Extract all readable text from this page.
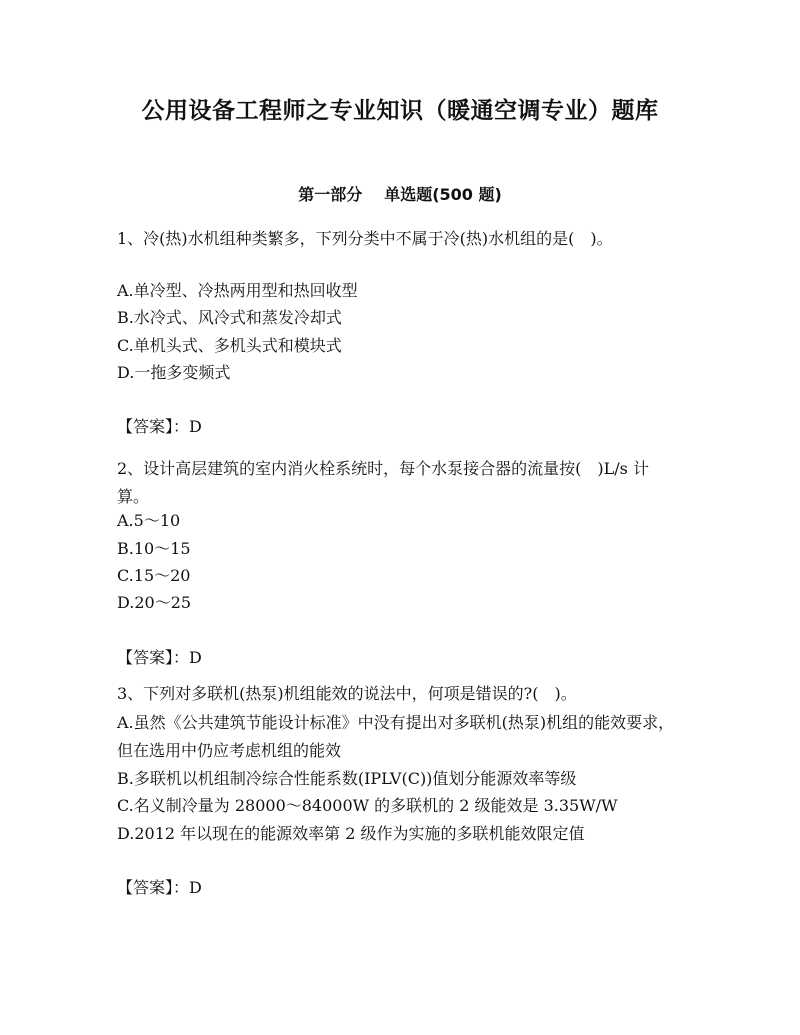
公用设备工程师之专业知识（暖通空调专业）题库
第一部分 单选题(500 题)
1、冷(热)水机组种类繁多，下列分类中不属于冷(热)水机组的是(　)。
A.单冷型、冷热两用型和热回收型
B.水冷式、风冷式和蒸发冷却式
C.单机头式、多机头式和模块式
D.一拖多变频式
【答案】：D
2、设计高层建筑的室内消火栓系统时，每个水泵接合器的流量按(　)L/s 计算。
A.5～10
B.10～15
C.15～20
D.20～25
【答案】：D
3、下列对多联机(热泵)机组能效的说法中，何项是错误的?(　)。
A.虽然《公共建筑节能设计标准》中没有提出对多联机(热泵)机组的能效要求，但在选用中仍应考虑机组的能效
B.多联机以机组制冷综合性能系数(IPLV(C))值划分能源效率等级
C.名义制冷量为 28000～84000W 的多联机的 2 级能效是 3.35W/W
D.2012 年以现在的能源效率第 2 级作为实施的多联机能效限定值
【答案】：D
